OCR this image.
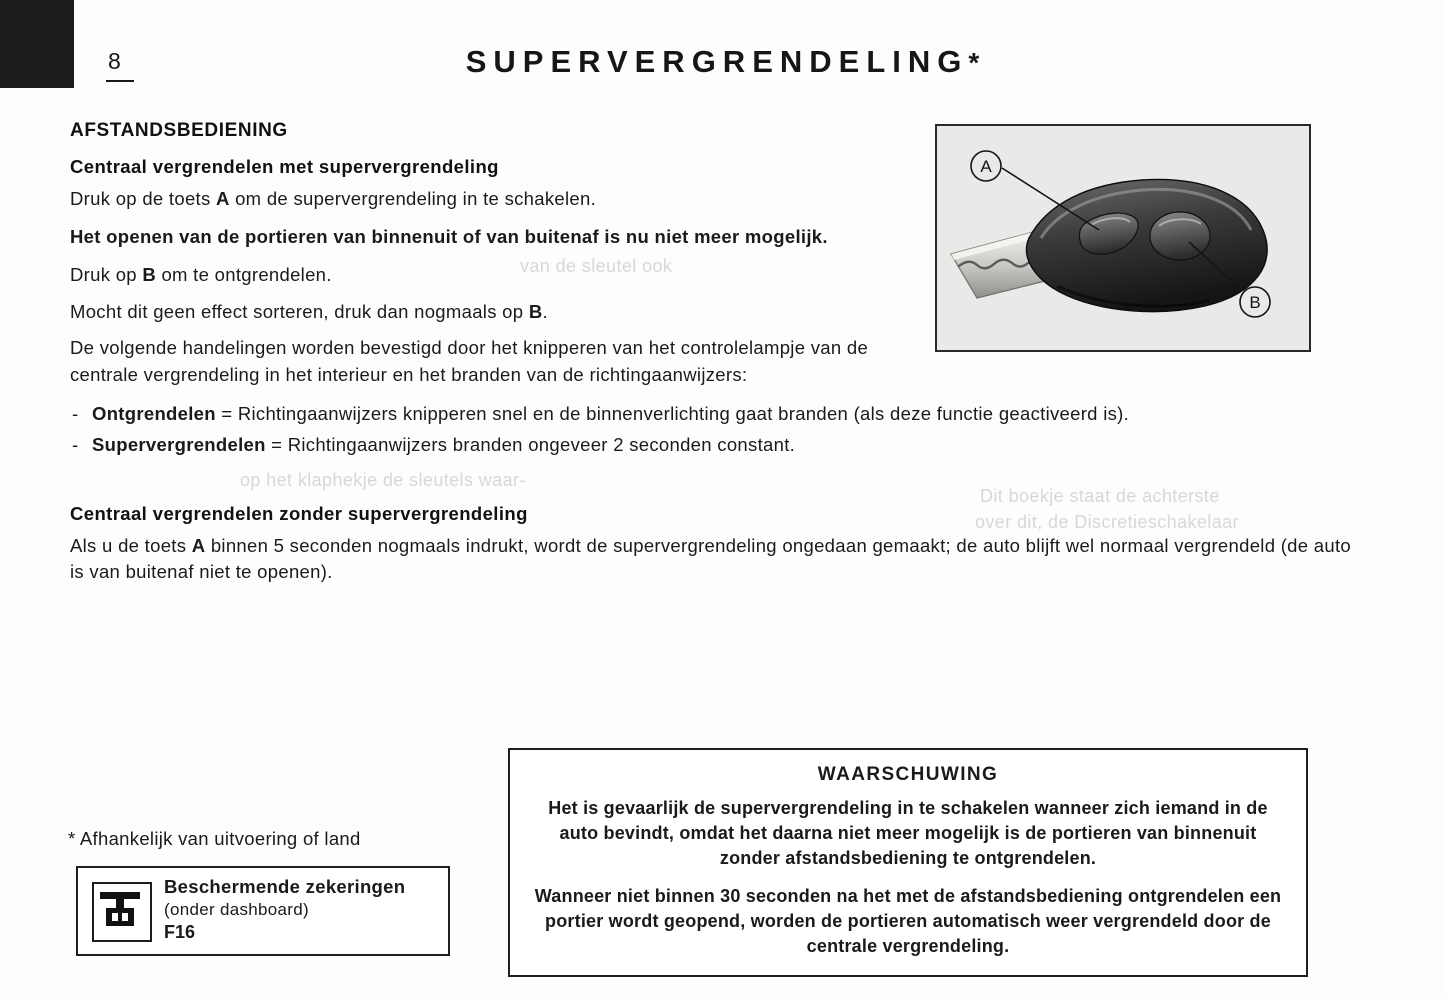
8	SUPERVERGRENDELING*
van de sleutel ook
op het klaphekje de sleutels waar-
Dit boekje staat de achterste
over dit, de Discretieschakelaar
AFSTANDSBEDIENING
Centraal vergrendelen met supervergrendeling

Druk op de toets A om de supervergrendeling in te schakelen.

Het openen van de portieren van binnenuit of van buitenaf is nu niet meer mogelijk.

Druk op B om te ontgrendelen.

Mocht dit geen effect sorteren, druk dan nogmaals op B.

De volgende handelingen worden bevestigd door het knipperen van het controlelampje van de centrale vergrendeling in het interieur en het branden van de richtingaanwijzers:

- Ontgrendelen = Richtingaanwijzers knipperen snel en de binnenverlichting gaat branden (als deze functie geactiveerd is).
- Supervergrendelen = Richtingaanwijzers branden ongeveer 2 seconden constant.
Centraal vergrendelen zonder supervergrendeling

Als u de toets A binnen 5 seconden nogmaals indrukt, wordt de supervergrendeling ongedaan gemaakt; de auto blijft wel normaal vergrendeld (de auto is van buitenaf niet te openen).

A
B
* Afhankelijk van uitvoering of land
Beschermende zekeringen
(onder dashboard)
F16
WAARSCHUWING

Het is gevaarlijk de supervergrendeling in te schakelen wanneer zich iemand in de auto bevindt, omdat het daarna niet meer mogelijk is de portieren van binnenuit zonder afstandsbediening te ontgrendelen.

Wanneer niet binnen 30 seconden na het met de afstandsbediening ontgrendelen een portier wordt geopend, worden de portieren automatisch weer vergrendeld door de centrale vergrendeling.
